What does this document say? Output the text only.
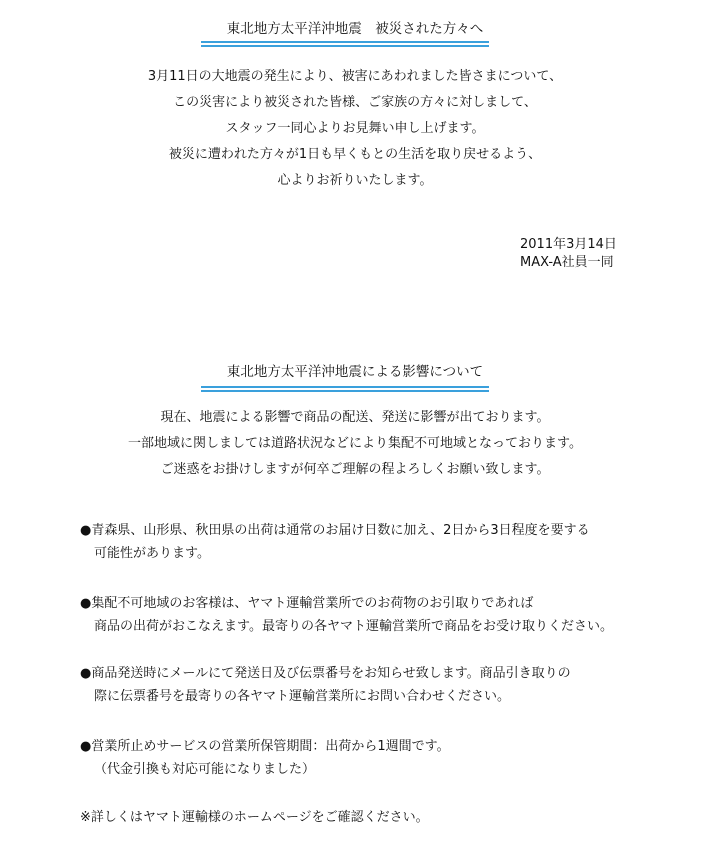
東北地方太平洋沖地震　被災された方々へ
3月11日の大地震の発生により、被害にあわれました皆さまについて、
この災害により被災された皆様、ご家族の方々に対しまして、
スタッフ一同心よりお見舞い申し上げます。
被災に遭われた方々が1日も早くもとの生活を取り戻せるよう、
心よりお祈りいたします。
2011年3月14日
MAX-A社員一同
東北地方太平洋沖地震による影響について
現在、地震による影響で商品の配送、発送に影響が出ております。
一部地域に関しましては道路状況などにより集配不可地域となっております。
ご迷惑をお掛けしますが何卒ご理解の程よろしくお願い致します。
●青森県、山形県、秋田県の出荷は通常のお届け日数に加え、2日から3日程度を要する
可能性があります。
●集配不可地域のお客様は、ヤマト運輸営業所でのお荷物のお引取りであれば
商品の出荷がおこなえます。最寄りの各ヤマト運輸営業所で商品をお受け取りください。
●商品発送時にメールにて発送日及び伝票番号をお知らせ致します。商品引き取りの
際に伝票番号を最寄りの各ヤマト運輸営業所にお問い合わせください。
●営業所止めサービスの営業所保管期間：出荷から1週間です。
（代金引換も対応可能になりました）
※詳しくはヤマト運輸様のホームページをご確認ください。
